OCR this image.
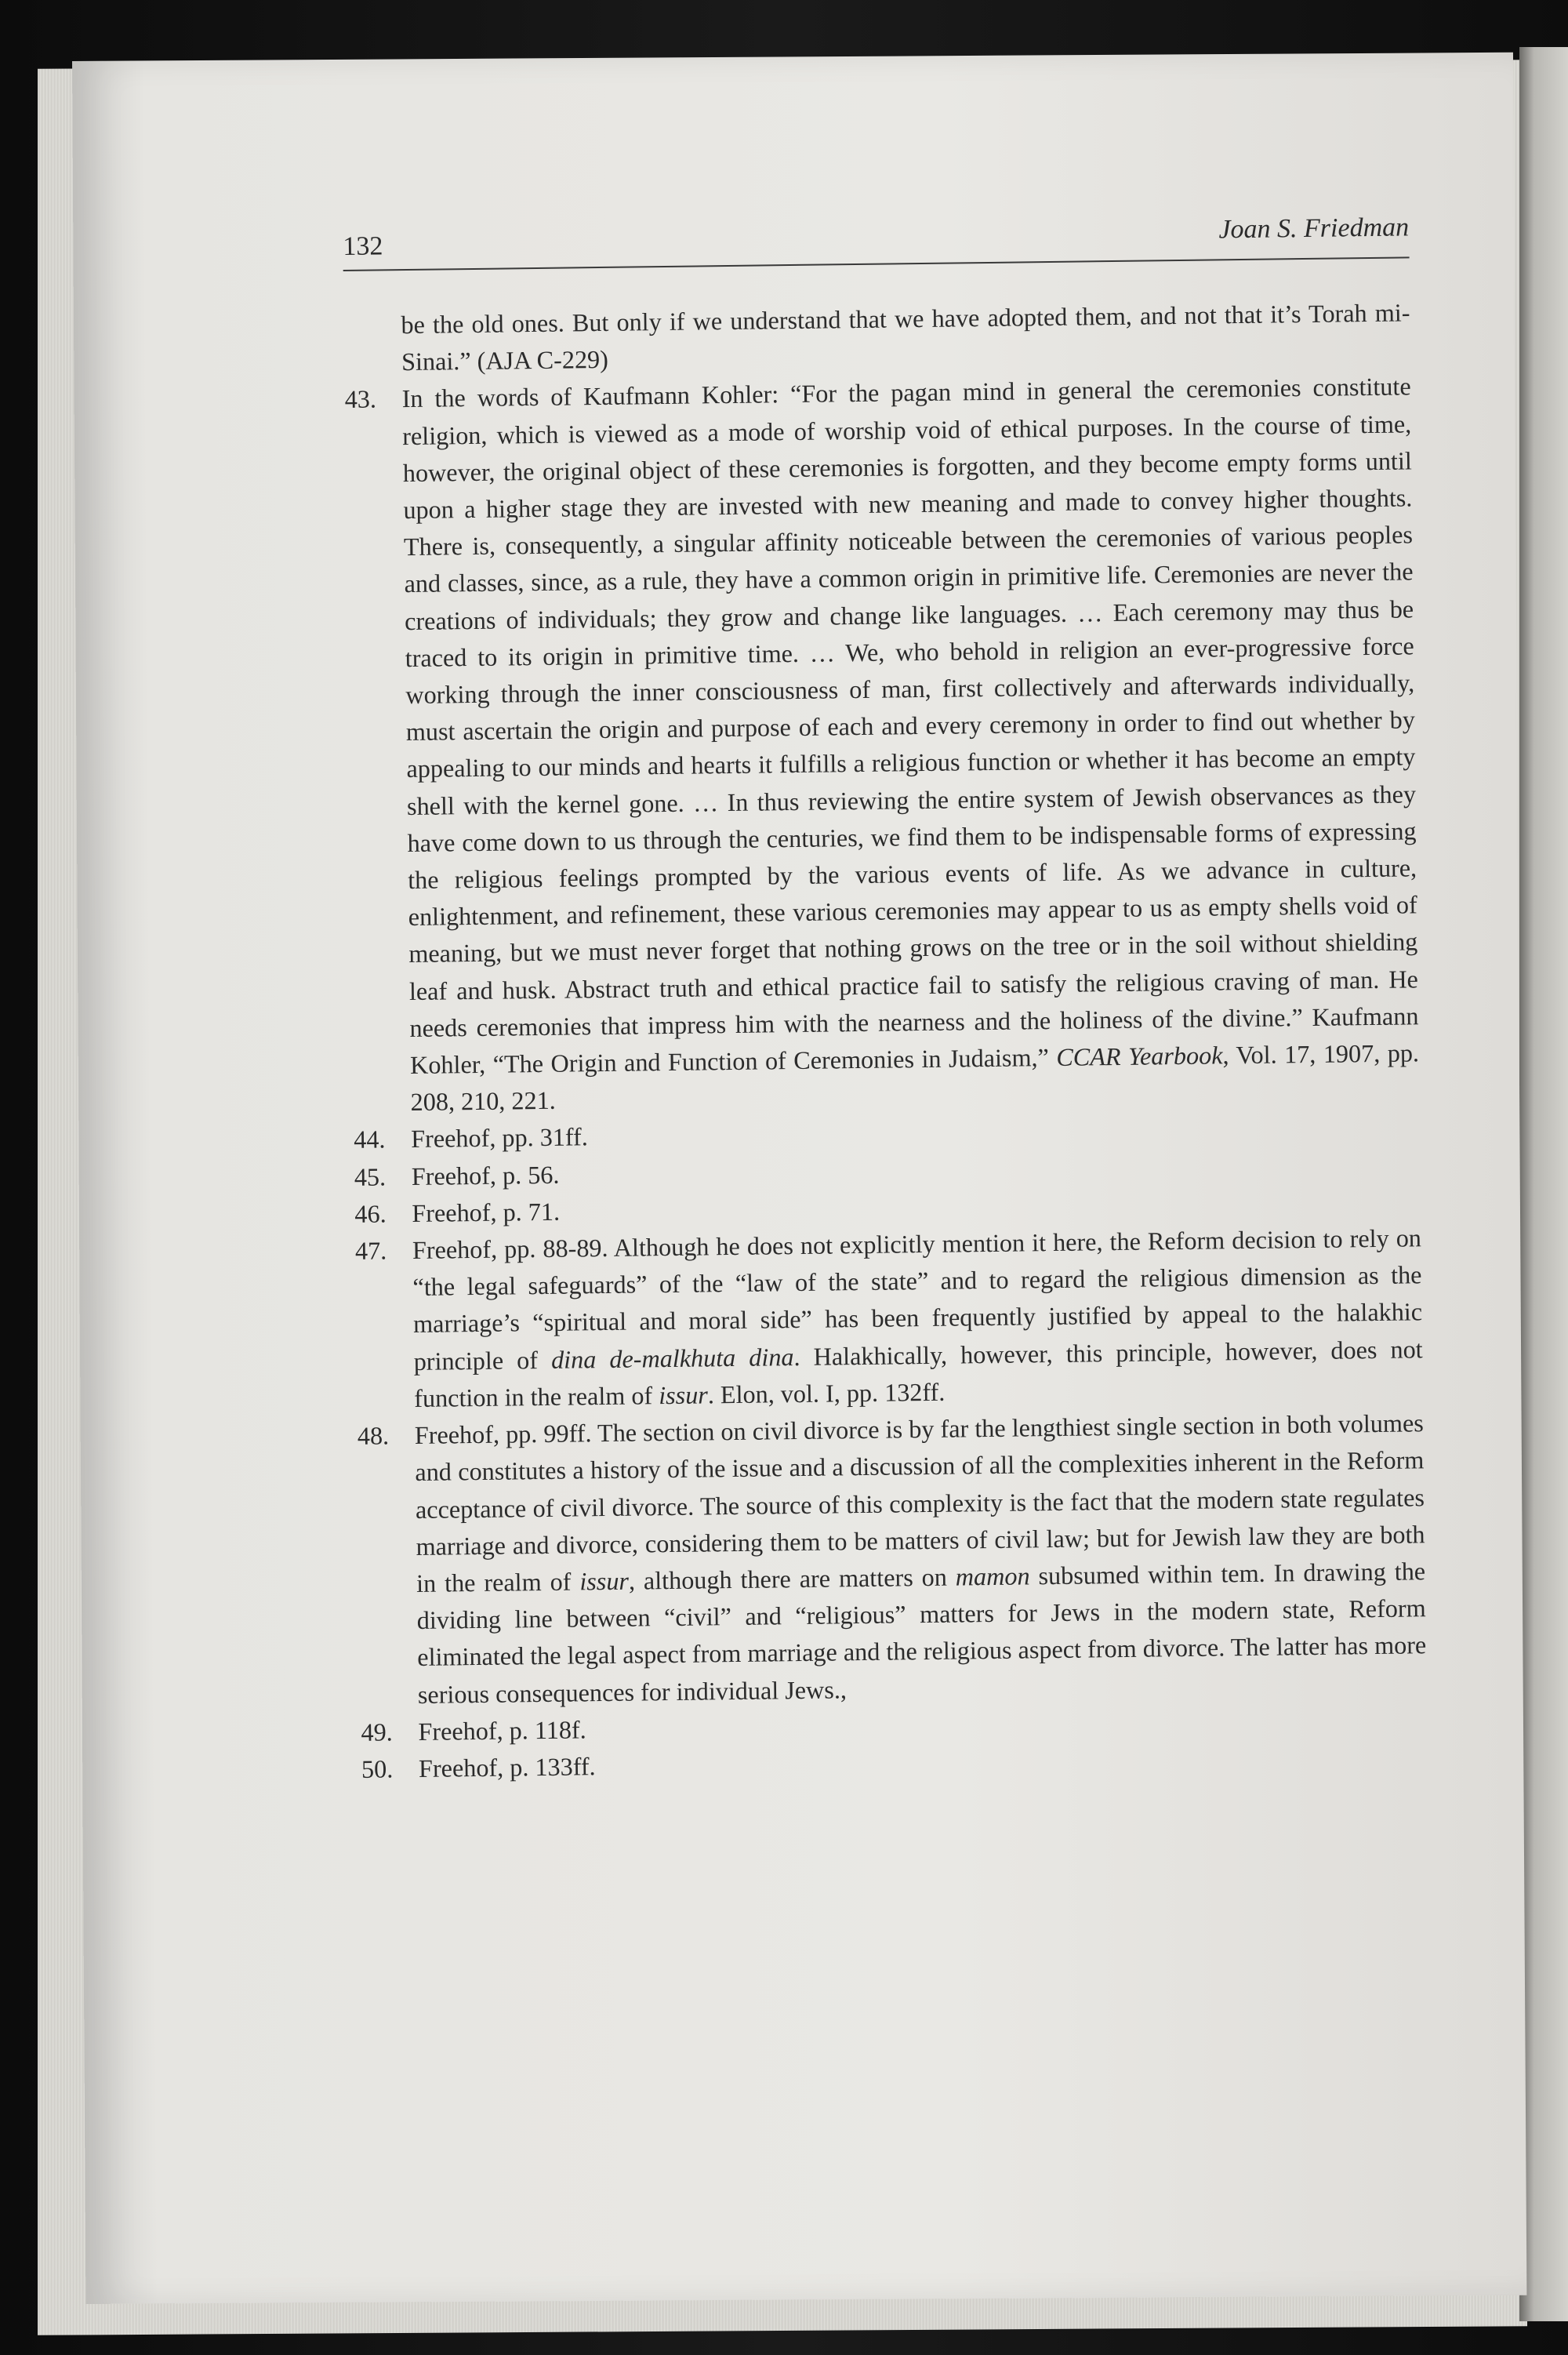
132
Joan S. Friedman

be the old ones. But only if we understand that we have adopted them, and not that it’s Torah mi-Sinai.” (AJA C-229)

43.	In the words of Kaufmann Kohler: “For the pagan mind in general the ceremonies constitute religion, which is viewed as a mode of worship void of ethical purposes. In the course of time, however, the original object of these ceremonies is forgotten, and they become empty forms until upon a higher stage they are invested with new meaning and made to convey higher thoughts. There is, consequently, a singular affinity noticeable between the ceremonies of various peoples and classes, since, as a rule, they have a common origin in primitive life. Ceremonies are never the creations of individuals; they grow and change like languages. … Each ceremony may thus be traced to its origin in primitive time. … We, who behold in religion an ever-progressive force working through the inner consciousness of man, first collectively and afterwards individually, must ascertain the origin and purpose of each and every ceremony in order to find out whether by appealing to our minds and hearts it fulfills a religious function or whether it has become an empty shell with the kernel gone. … In thus reviewing the entire system of Jewish observances as they have come down to us through the centuries, we find them to be indispensable forms of expressing the religious feelings prompted by the various events of life. As we advance in culture, enlightenment, and refinement, these various ceremonies may appear to us as empty shells void of meaning, but we must never forget that nothing grows on the tree or in the soil without shielding leaf and husk. Abstract truth and ethical practice fail to satisfy the religious craving of man. He needs ceremonies that impress him with the nearness and the holiness of the divine.” Kaufmann Kohler, “The Origin and Function of Ceremonies in Judaism,” CCAR Yearbook, Vol. 17, 1907, pp. 208, 210, 221.

44.	Freehof, pp. 31ff.

45.	Freehof, p. 56.

46.	Freehof, p. 71.

47.	Freehof, pp. 88-89. Although he does not explicitly mention it here, the Reform decision to rely on “the legal safeguards” of the “law of the state” and to regard the religious dimension as the marriage’s “spiritual and moral side” has been frequently justified by appeal to the halakhic principle of dina de-malkhuta dina. Halakhically, however, this principle, however, does not function in the realm of issur. Elon, vol. I, pp. 132ff.

48.	Freehof, pp. 99ff. The section on civil divorce is by far the lengthiest single section in both volumes and constitutes a history of the issue and a discussion of all the complexities inherent in the Reform acceptance of civil divorce. The source of this complexity is the fact that the modern state regulates marriage and divorce, considering them to be matters of civil law; but for Jewish law they are both in the realm of issur, although there are matters on mamon subsumed within tem. In drawing the dividing line between “civil” and “religious” matters for Jews in the modern state, Reform eliminated the legal aspect from marriage and the religious aspect from divorce. The latter has more serious consequences for individual Jews.,

49.	Freehof, p. 118f.

50.	Freehof, p. 133ff.
